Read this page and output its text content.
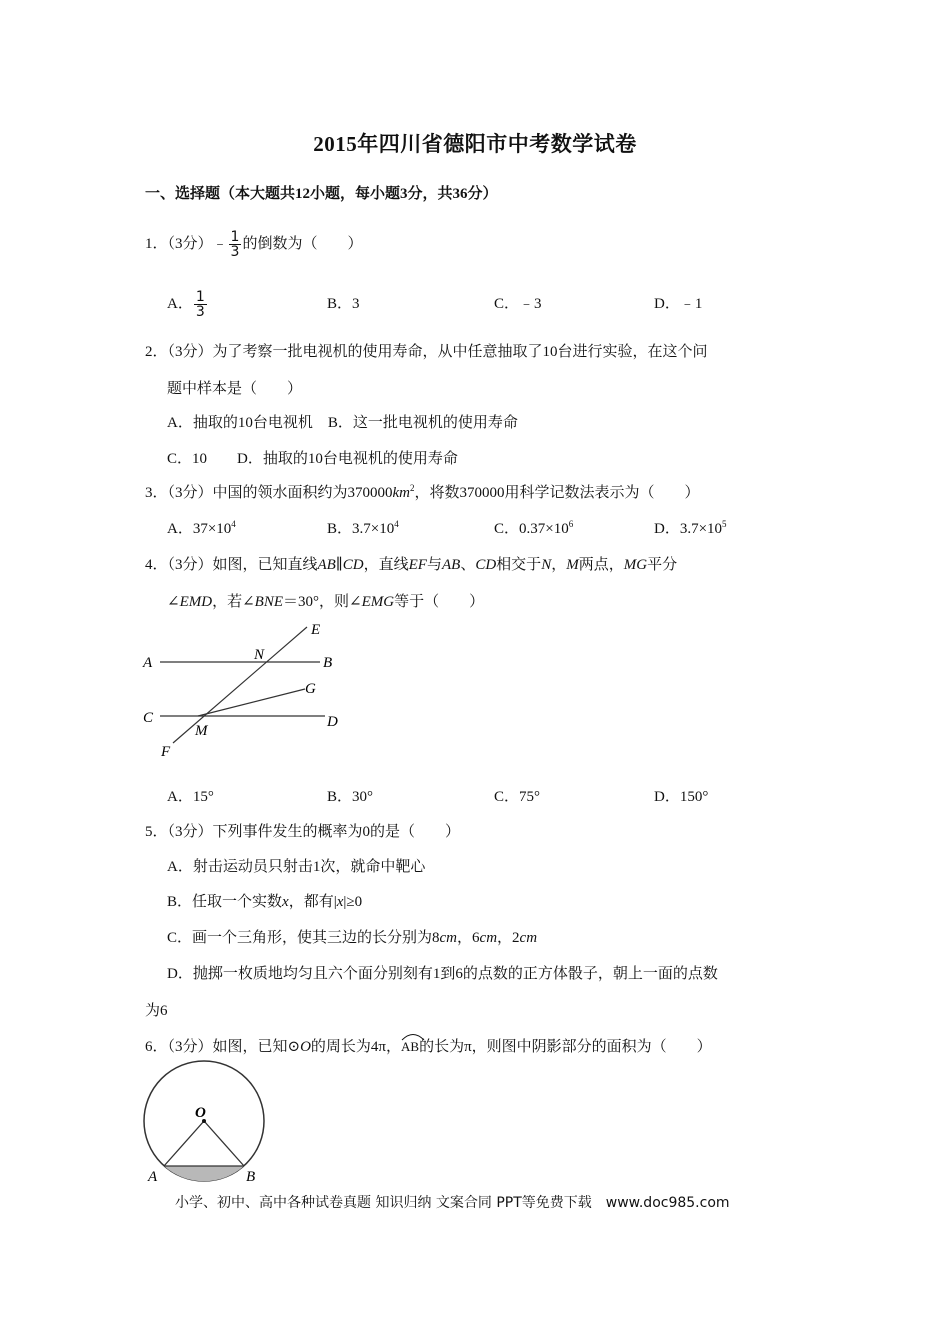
2015年四川省德阳市中考数学试卷
一、选择题（本大题共12小题，每小题3分，共36分）
1．（3分）﹣ $\frac{1}{3}$ 的倒数为（　　）
A． $\frac{1}{3}$	B．3	C．﹣3	D．﹣1
2．（3分）为了考察一批电视机的使用寿命，从中任意抽取了10台进行实验，在这个问
题中样本是（　　）
A．抽取的10台电视机　B．这一批电视机的使用寿命
C．10　　D．抽取的10台电视机的使用寿命
3．（3分）中国的领水面积约为$370000km^2$，将数370000用科学记数法表示为（　　）
A．$37\times 10^4$	B．$3.7\times 10^4$	C．$0.37\times 10^6$	D．$3.7\times 10^5$
4．（3分）如图，已知直线AB∥CD，直线EF与AB、CD相交于N，M两点，MG平分
∠EMD，若∠BNE＝30°，则∠EMG等于（　　）
A	B
C	D
E
F
G
N
M
A．15°	B．30°	C．75°	D．150°
5．（3分）下列事件发生的概率为0的是（　　）
A．射击运动员只射击1次，就命中靶心
B．任取一个实数x，都有|x|≥0
C．画一个三角形，使其三边的长分别为8cm，6cm，2cm
D．抛掷一枚质地均匀且六个面分别刻有1到6的点数的正方体骰子，朝上一面的点数
为6
6．（3分）如图，已知⊙O的周长为4π，
AB的长为π，则图中阴影部分的面积为（　　）
O
A	B
小学、初中、高中各种试卷真题 知识归纳 文案合同 PPT等免费下载　www.doc985.com
